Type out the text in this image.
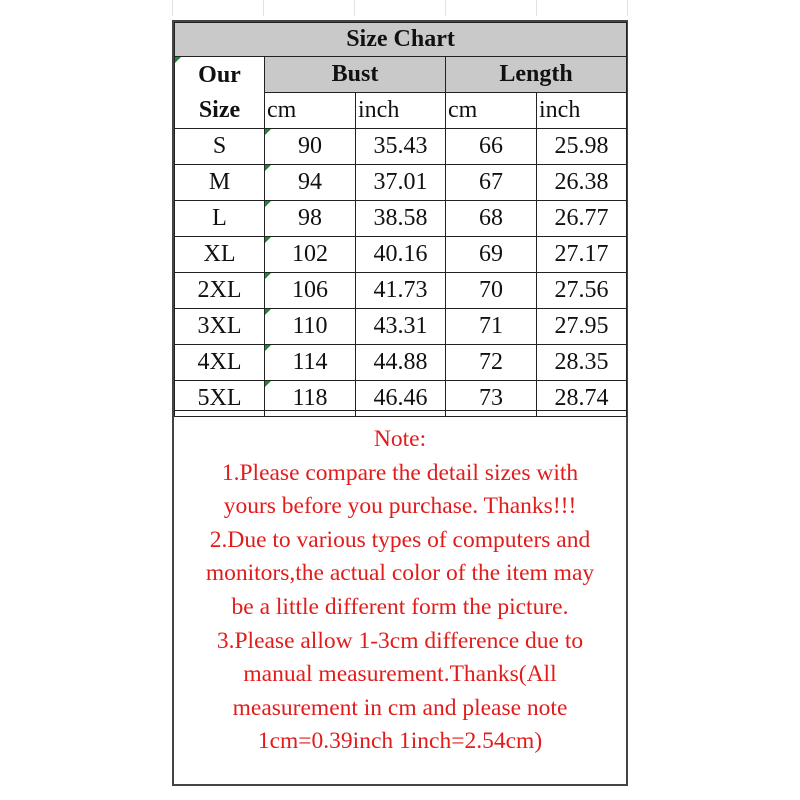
Size Chart				

Our
Size	Bust		Length	
	cm	inch	cm	inch
S	90	35.43	66	25.98
M	94	37.01	67	26.38
L	98	38.58	68	26.77
XL	102	40.16	69	27.17
2XL	106	41.73	70	27.56
3XL	110	43.31	71	27.95
4XL	114	44.88	72	28.35
5XL	118	46.46	73	28.74
Note:
1.Please compare the detail sizes with
yours before you purchase. Thanks!!!
2.Due to various types of computers and
monitors,the actual color of the item may
be a little different form the picture.
3.Please allow 1-3cm difference due to
manual measurement.Thanks(All
measurement in cm and please note
1cm=0.39inch 1inch=2.54cm)
